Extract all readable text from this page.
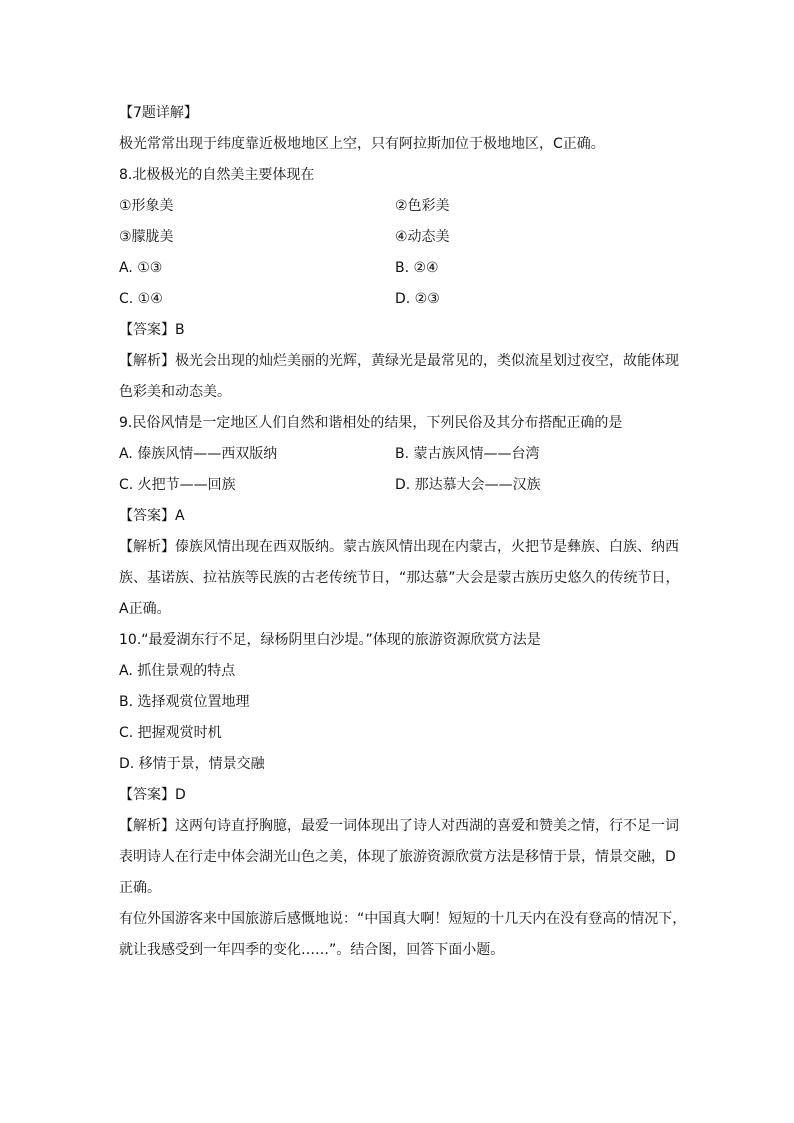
【7题详解】
极光常常出现于纬度靠近极地地区上空，只有阿拉斯加位于极地地区，C正确。
8.北极极光的自然美主要体现在
①形象美	②色彩美
③朦胧美	④动态美
A. ①③	B. ②④
C. ①④	D. ②③
【答案】B
【解析】极光会出现的灿烂美丽的光辉，黄绿光是最常见的，类似流星划过夜空，故能体现
色彩美和动态美。
9.民俗风情是一定地区人们自然和谐相处的结果，下列民俗及其分布搭配正确的是
A. 傣族风情——西双版纳	B. 蒙古族风情——台湾
C. 火把节——回族	D. 那达慕大会——汉族
【答案】A
【解析】傣族风情出现在西双版纳。蒙古族风情出现在内蒙古，火把节是彝族、白族、纳西
族、基诺族、拉祜族等民族的古老传统节日，“那达慕”大会是蒙古族历史悠久的传统节日，
A正确。
10.“最爱湖东行不足，绿杨阴里白沙堤。”体现的旅游资源欣赏方法是
A. 抓住景观的特点
B. 选择观赏位置地理
C. 把握观赏时机
D. 移情于景，情景交融
【答案】D
【解析】这两句诗直抒胸臆，最爱一词体现出了诗人对西湖的喜爱和赞美之情，行不足一词
表明诗人在行走中体会湖光山色之美，体现了旅游资源欣赏方法是移情于景，情景交融，D
正确。
有位外国游客来中国旅游后感慨地说：“中国真大啊！短短的十几天内在没有登高的情况下，
就让我感受到一年四季的变化……”。结合图，回答下面小题。
